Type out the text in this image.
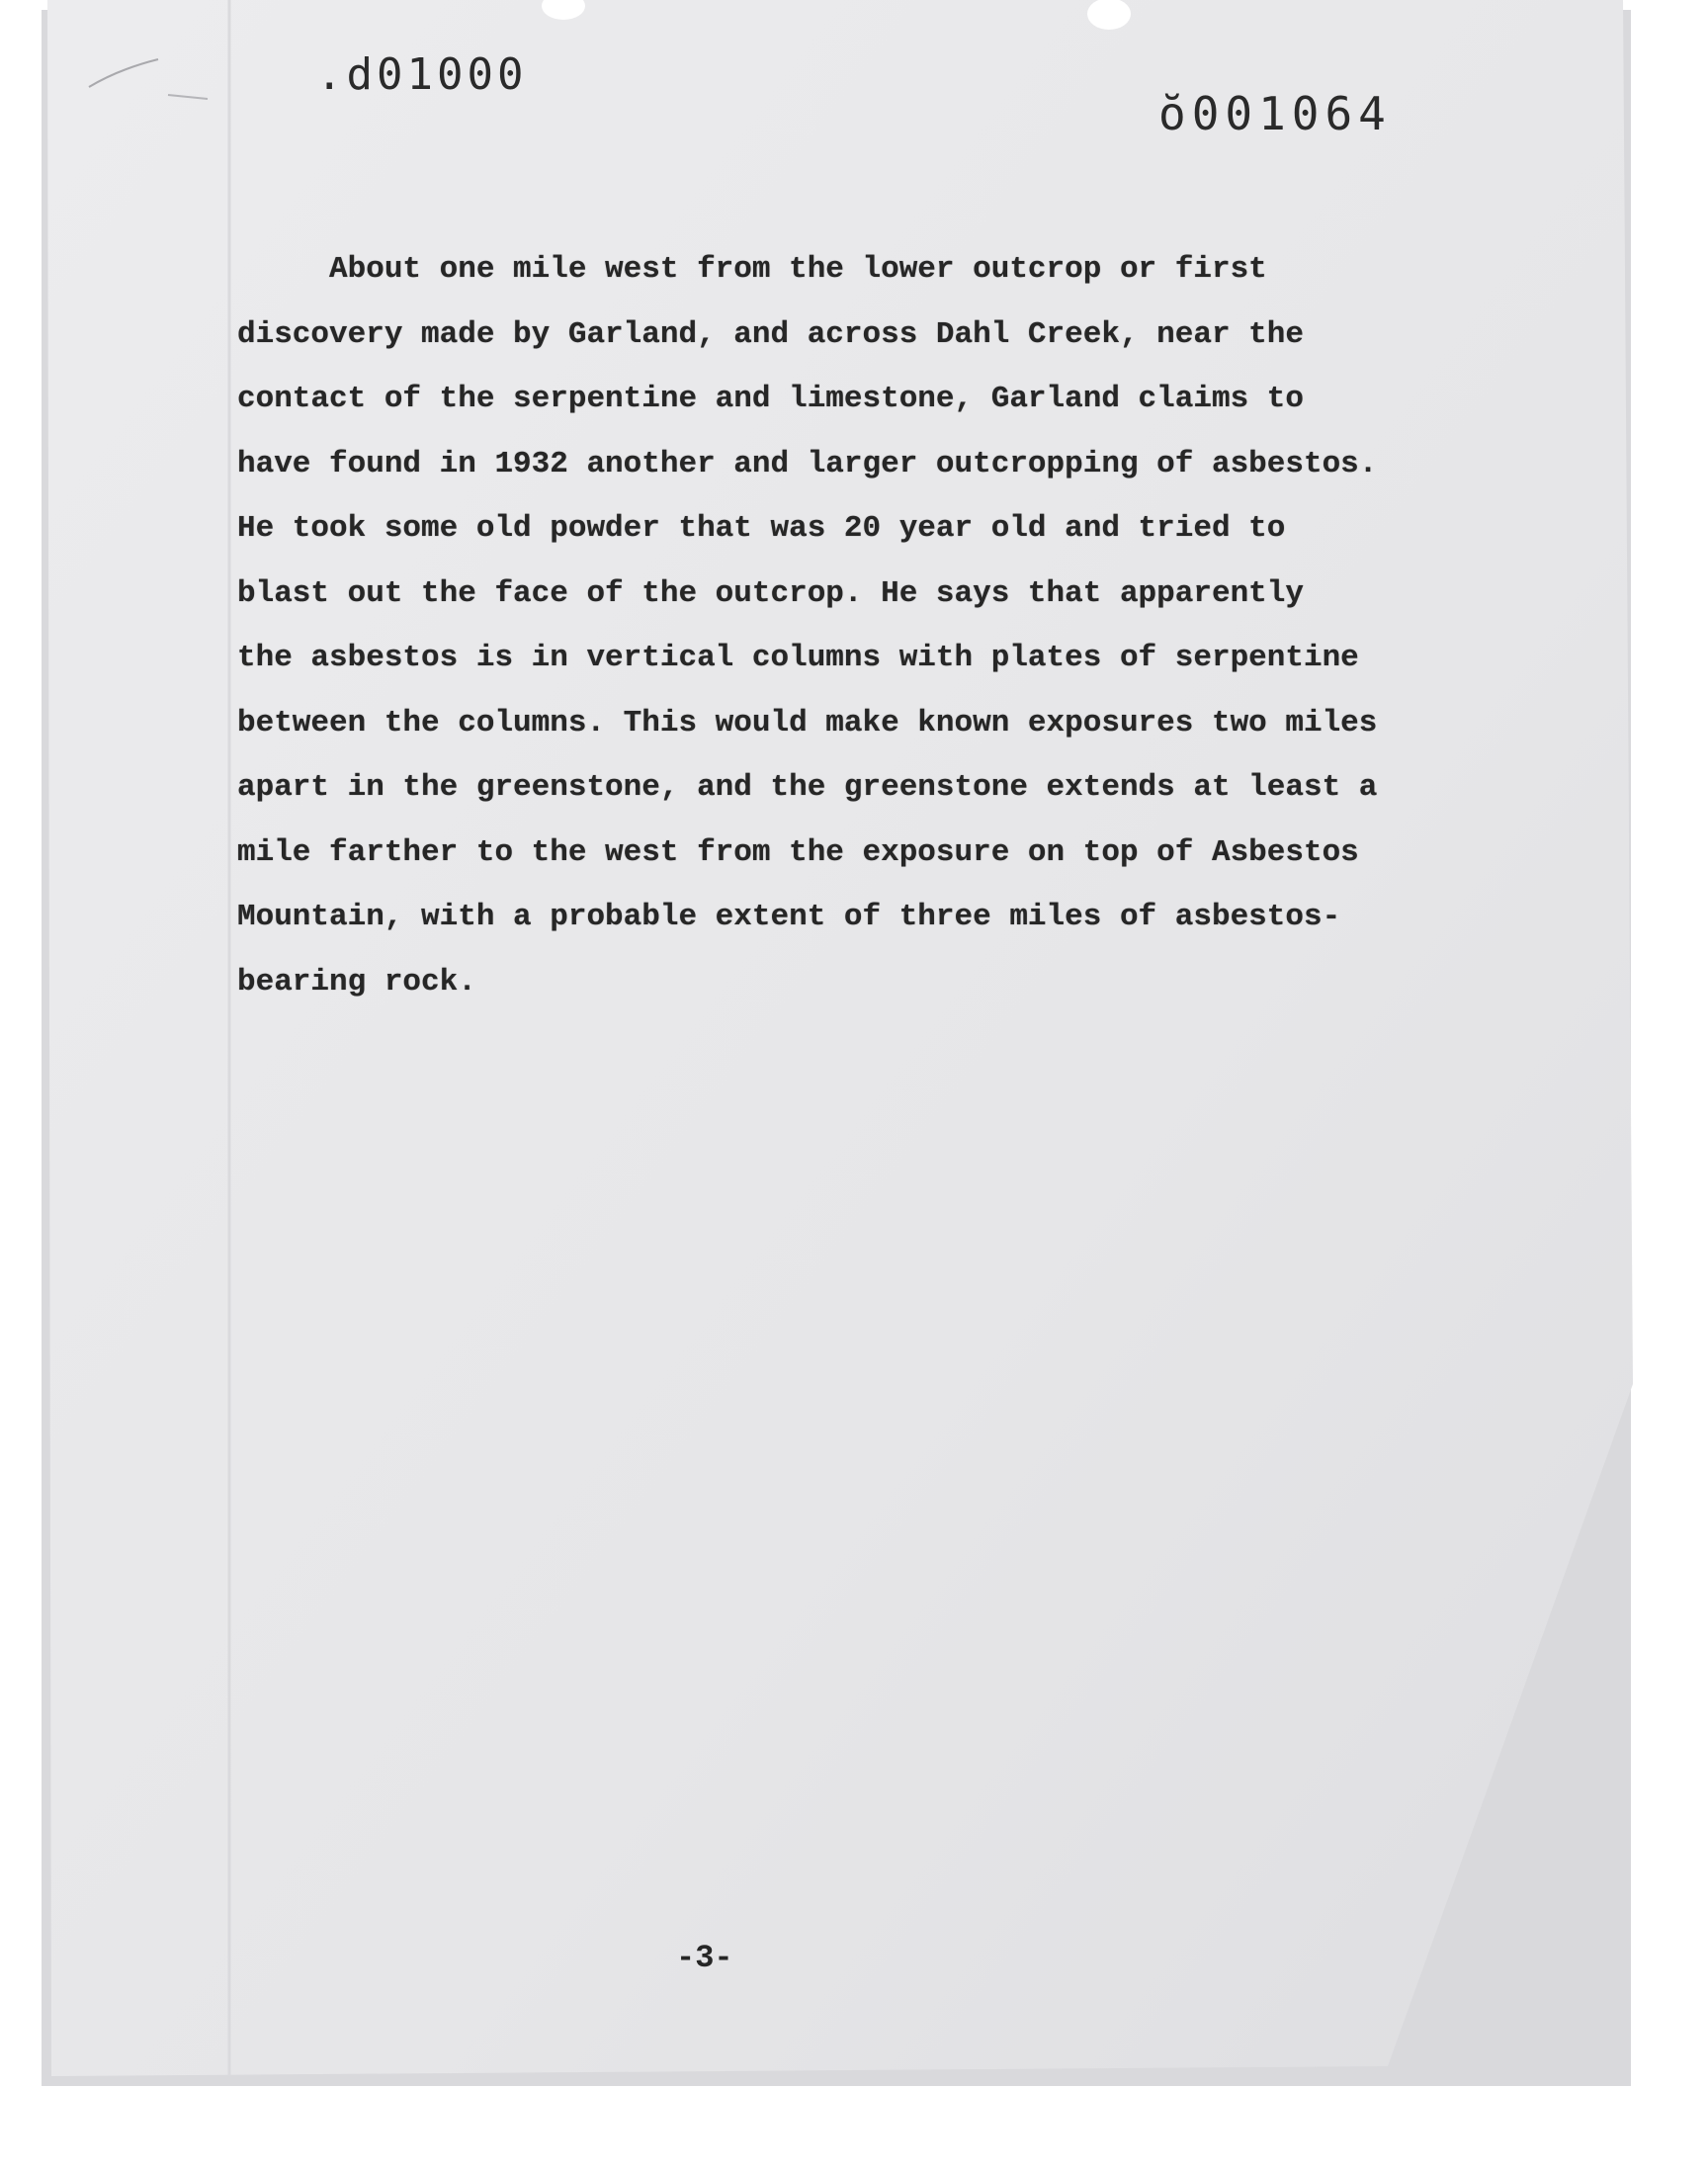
.d01000
ŏ001064

About one mile west from the lower outcrop or first

discovery made by Garland, and across Dahl Creek, near the

contact of the serpentine and limestone, Garland claims to

have found in 1932 another and larger outcropping of asbestos.

He took some old powder that was 20 year old and tried to

blast out the face of the outcrop. He says that apparently

the asbestos is in vertical columns with plates of serpentine

between the columns. This would make known exposures two miles

apart in the greenstone, and the greenstone extends at least a

mile farther to the west from the exposure on top of Asbestos

Mountain, with a probable extent of three miles of asbestos-

bearing rock.

-3-
